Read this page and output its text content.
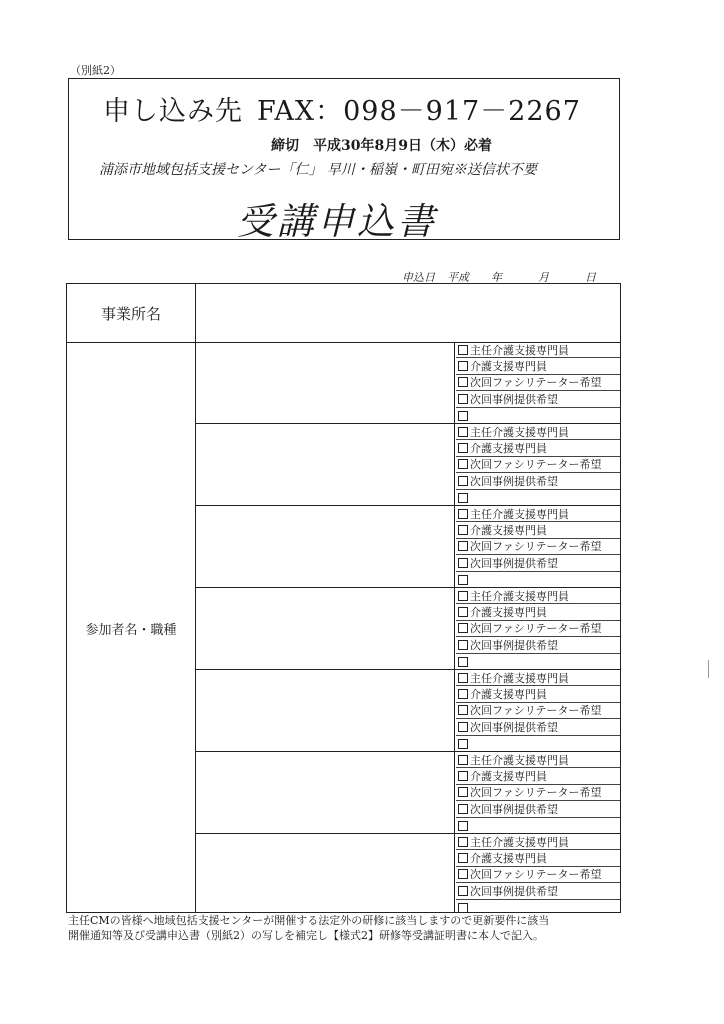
（別紙2）
申し込み先 FAX：098－917－2267
締切　平成30年8月9日（木）必着
浦添市地域包括支援センター「仁」 早川・稲嶺・町田宛※送信状不要
受講申込書
申込日 平成 年	月	日
事業所名
参加者名・職種
主任介護支援専門員
介護支援専門員
次回ファシリテーター希望
次回事例提供希望
主任介護支援専門員
介護支援専門員
次回ファシリテーター希望
次回事例提供希望
主任介護支援専門員
介護支援専門員
次回ファシリテーター希望
次回事例提供希望
主任介護支援専門員
介護支援専門員
次回ファシリテーター希望
次回事例提供希望
主任介護支援専門員
介護支援専門員
次回ファシリテーター希望
次回事例提供希望
主任介護支援専門員
介護支援専門員
次回ファシリテーター希望
次回事例提供希望
主任介護支援専門員
介護支援専門員
次回ファシリテーター希望
次回事例提供希望
主任CMの皆様へ地域包括支援センターが開催する法定外の研修に該当しますので更新要件に該当
開催通知等及び受講申込書（別紙2）の写しを補完し【様式2】研修等受講証明書に本人で記入。
